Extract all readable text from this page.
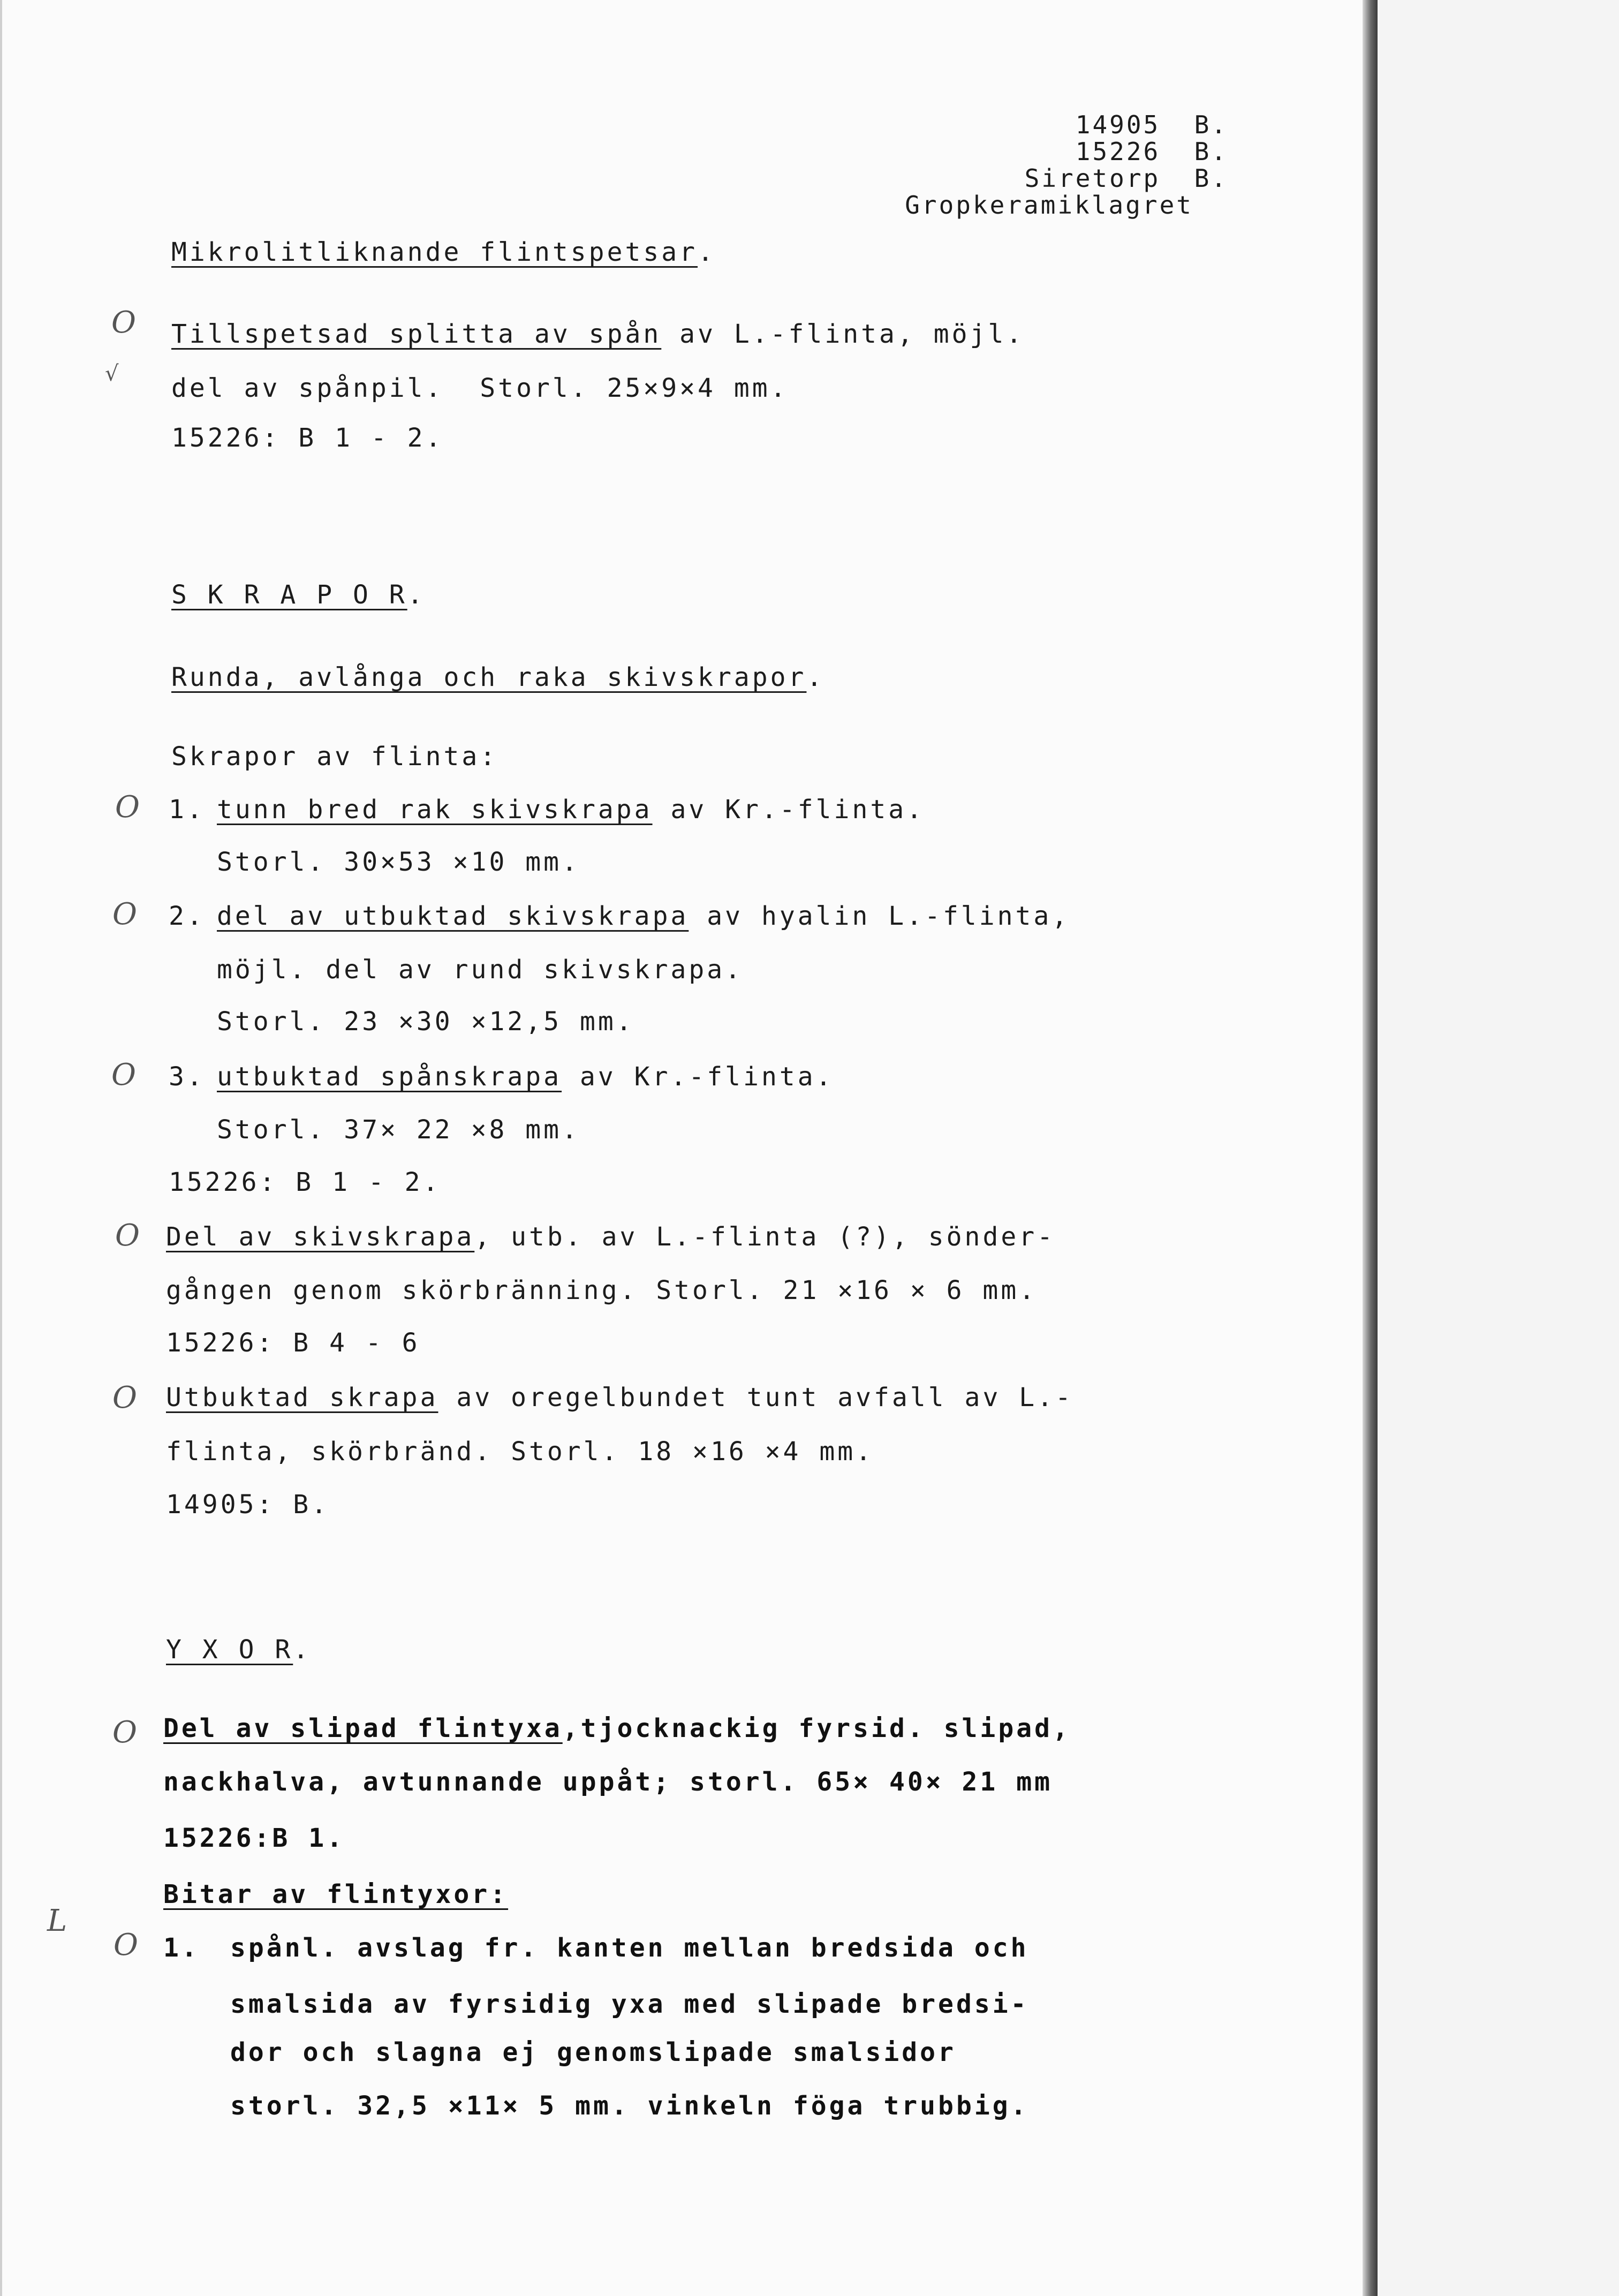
14905  B.
15226  B.
Siretorp  B.
Gropkeramiklagret
Mikrolitliknande flintspetsar.
O
√
Tillspetsad splitta av spån av L.-flinta, möjl.
del av spånpil.  Storl. 25×9×4 mm.
15226: B 1 - 2.
S K R A P O R.
Runda, avlånga och raka skivskrapor.
Skrapor av flinta:
O 1. tunn bred rak skivskrapa av Kr.-flinta.
Storl. 30×53 ×10 mm.
O 2. del av utbuktad skivskrapa av hyalin L.-flinta,
möjl. del av rund skivskrapa.
Storl. 23 ×30 ×12,5 mm.
O 3. utbuktad spånskrapa av Kr.-flinta.
Storl. 37× 22 ×8 mm.
15226: B 1 - 2.
O Del av skivskrapa, utb. av L.-flinta (?), sönder-
gången genom skörbränning. Storl. 21 ×16 × 6 mm.
15226: B 4 - 6
O Utbuktad skrapa av oregelbundet tunt avfall av L.-
flinta, skörbränd. Storl. 18 ×16 ×4 mm.
14905: B.
Y X O R.
O Del av slipad flintyxa,tjocknackig fyrsid. slipad,
nackhalva, avtunnande uppåt; storl. 65× 40× 21 mm
15226:B 1.
L
Bitar av flintyxor:
O 1. spånl. avslag fr. kanten mellan bredsida och
smalsida av fyrsidig yxa med slipade bredsi-
dor och slagna ej genomslipade smalsidor
storl. 32,5 ×11× 5 mm. vinkeln föga trubbig.
